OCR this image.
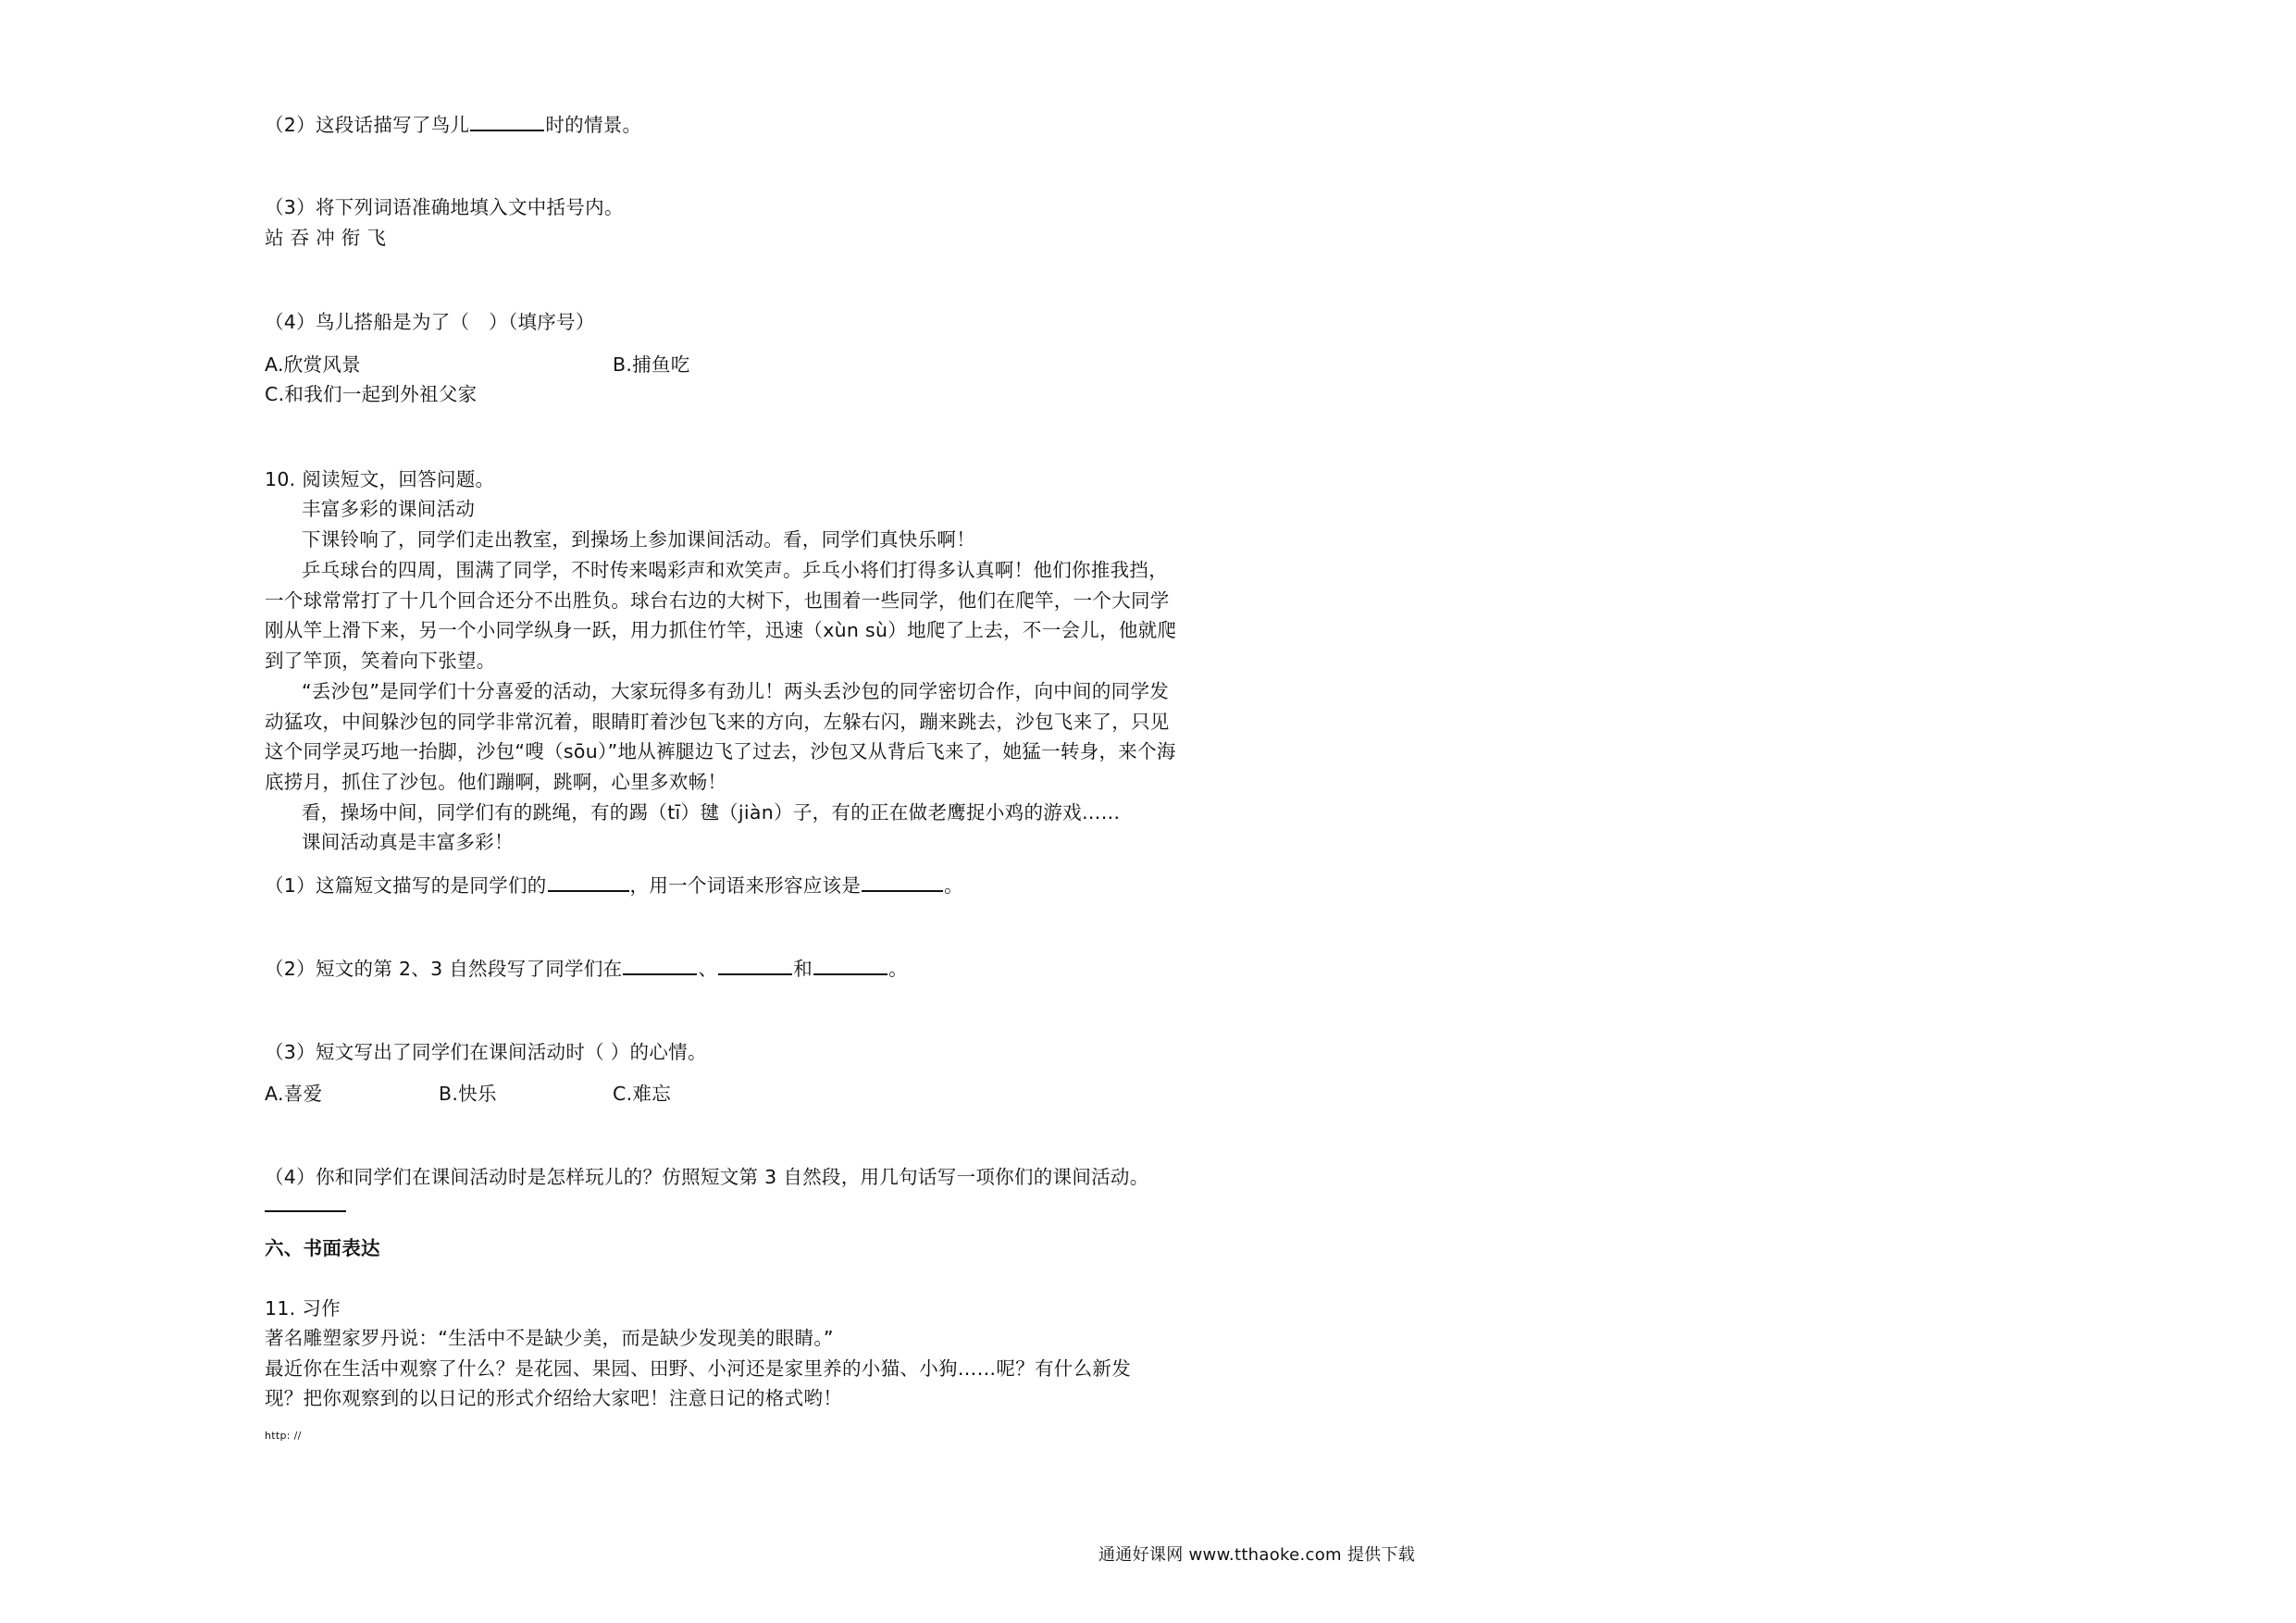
（2）这段话描写了鸟儿	时的情景。
（3）将下列词语准确地填入文中括号内。
站 吞 冲 衔 飞
（4）鸟儿搭船是为了（　）（填序号）
A.欣赏风景	B.捕鱼吃
C.和我们一起到外祖父家
10. 阅读短文，回答问题。
丰富多彩的课间活动
下课铃响了，同学们走出教室，到操场上参加课间活动。看，同学们真快乐啊！
乒乓球台的四周，围满了同学，不时传来喝彩声和欢笑声。乒乓小将们打得多认真啊！他们你推我挡，
一个球常常打了十几个回合还分不出胜负。球台右边的大树下，也围着一些同学，他们在爬竿，一个大同学
刚从竿上滑下来，另一个小同学纵身一跃，用力抓住竹竿，迅速（xùn sù）地爬了上去，不一会儿，他就爬
到了竿顶，笑着向下张望。
“丢沙包”是同学们十分喜爱的活动，大家玩得多有劲儿！两头丢沙包的同学密切合作，向中间的同学发
动猛攻，中间躲沙包的同学非常沉着，眼睛盯着沙包飞来的方向，左躲右闪，蹦来跳去，沙包飞来了，只见
这个同学灵巧地一抬脚，沙包“嗖（sōu）”地从裤腿边飞了过去，沙包又从背后飞来了，她猛一转身，来个海
底捞月，抓住了沙包。他们蹦啊，跳啊，心里多欢畅！
看，操场中间，同学们有的跳绳，有的踢（tī）毽（jiàn）子，有的正在做老鹰捉小鸡的游戏……
课间活动真是丰富多彩！
（1）这篇短文描写的是同学们的	，用一个词语来形容应该是	。
（2）短文的第 2、3 自然段写了同学们在	、	和	。
（3）短文写出了同学们在课间活动时（ ）的心情。
A.喜爱	B.快乐	C.难忘
（4）你和同学们在课间活动时是怎样玩儿的？仿照短文第 3 自然段，用几句话写一项你们的课间活动。
六、书面表达
11. 习作
著名雕塑家罗丹说：“生活中不是缺少美，而是缺少发现美的眼睛。”
最近你在生活中观察了什么？是花园、果园、田野、小河还是家里养的小猫、小狗……呢？有什么新发
现？把你观察到的以日记的形式介绍给大家吧！注意日记的格式哟！
http: //
通通好课网 www.tthaoke.com 提供下载
